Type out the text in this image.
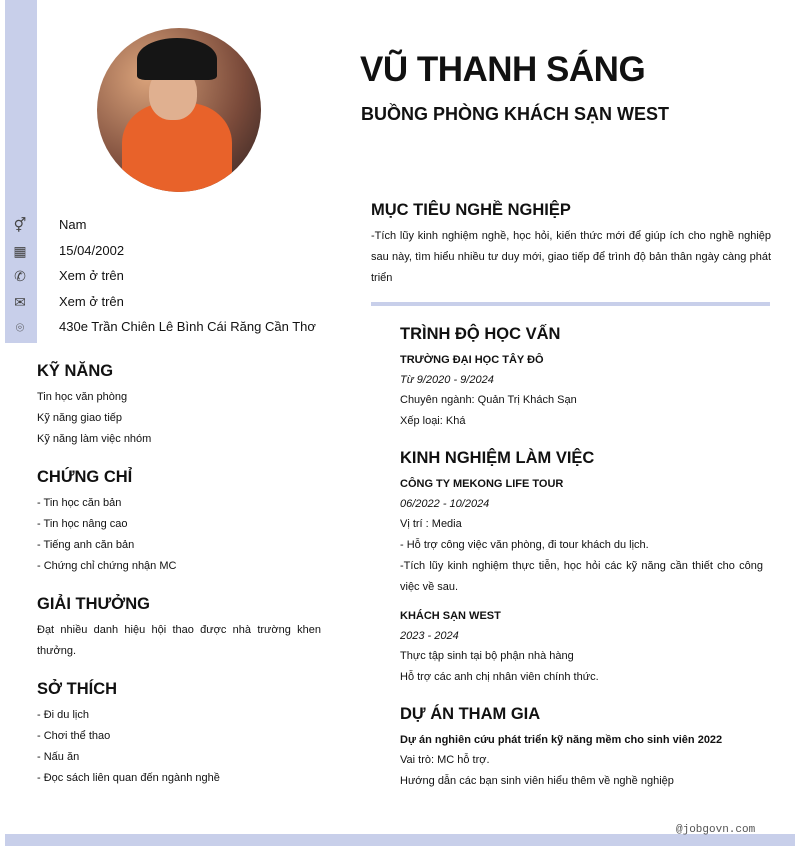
VŨ THANH SÁNG
BUỒNG PHÒNG KHÁCH SẠN WEST
⚥	Nam
▦ 15/04/2002
✆	Xem ở trên
✉	Xem ở trên
⌾	430e Trần Chiên Lê Bình Cái Răng Cần Thơ
KỸ NĂNG
Tin học văn phòng
Kỹ năng giao tiếp
Kỹ năng làm việc nhóm
CHỨNG CHỈ
- Tin học căn bản
- Tin học nâng cao
- Tiếng anh căn bản
- Chứng chỉ chứng nhận MC
GIẢI THƯỞNG
Đạt nhiều danh hiệu hội thao được nhà trường khen thưởng.
SỞ THÍCH
- Đi du lịch
- Chơi thể thao
- Nấu ăn
- Đọc sách liên quan đến ngành nghề
MỤC TIÊU NGHỀ NGHIỆP
-Tích lũy kinh nghiệm nghề, học hỏi, kiến thức mới để giúp ích cho nghề nghiệp sau này, tìm hiểu nhiều tư duy mới, giao tiếp để trình độ bản thân ngày càng phát triển
TRÌNH ĐỘ HỌC VẤN
TRƯỜNG ĐẠI HỌC TÂY ĐÔ
Từ 9/2020 - 9/2024
Chuyên ngành: Quản Trị Khách Sạn
Xếp loại: Khá
KINH NGHIỆM LÀM VIỆC
CÔNG TY MEKONG LIFE TOUR
06/2022 - 10/2024
Vị trí : Media
- Hỗ trợ công việc văn phòng, đi tour khách du lịch.
-Tích lũy kinh nghiệm thực tiễn, học hỏi các kỹ năng cần thiết cho công việc về sau.
KHÁCH SẠN WEST
2023 - 2024
Thực tập sinh tại bộ phận nhà hàng
Hỗ trợ các anh chị nhân viên chính thức.
DỰ ÁN THAM GIA
Dự án nghiên cứu phát triển kỹ năng mềm cho sinh viên 2022
Vai trò: MC hỗ trợ.
Hướng dẫn các bạn sinh viên hiểu thêm về nghề nghiệp
@jobgovn.com
